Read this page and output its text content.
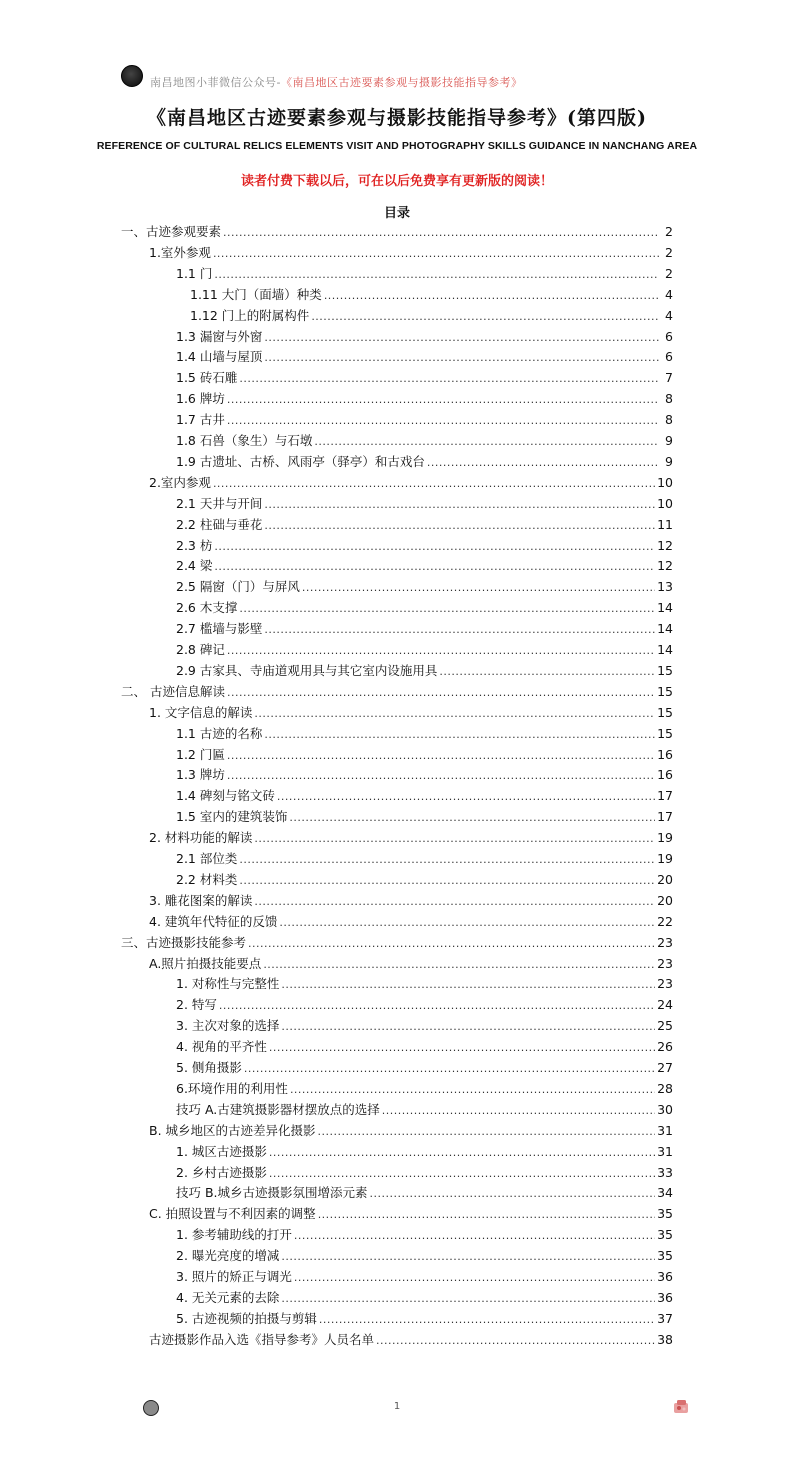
南昌地图小菲微信公众号-《南昌地区古迹要素参观与摄影技能指导参考》
《南昌地区古迹要素参观与摄影技能指导参考》(第四版)
REFERENCE OF CULTURAL RELICS ELEMENTS VISIT AND PHOTOGRAPHY SKILLS GUIDANCE IN NANCHANG AREA
读者付费下载以后，可在以后免费享有更新版的阅读！
目录
一、古迹参观要素 .....	2
1.室外参观 .....	2
1.1 门 .....	2
1.11 大门（面墙）种类 .....	4
1.12 门上的附属构件 .....	4
1.3 漏窗与外窗 .....	6
1.4 山墙与屋顶 .....	6
1.5 砖石雕 .....	7
1.6 牌坊 .....	8
1.7 古井 .....	8
1.8 石兽（象生）与石墩 .....	9
1.9 古遗址、古桥、风雨亭（驿亭）和古戏台 .....	9
2.室内参观 .....	10
2.1 天井与开间 .....	10
2.2 柱础与垂花 .....	11
2.3 枋 .....	12
2.4 梁 .....	12
2.5 隔窗（门）与屏风 .....	13
2.6 木支撑 .....	14
2.7 槛墙与影壁 .....	14
2.8 碑记 .....	14
2.9 古家具、寺庙道观用具与其它室内设施用具 .....	15
二、 古迹信息解读 .....	15
1. 文字信息的解读 .....	15
1.1 古迹的名称 .....	15
1.2 门匾 .....	16
1.3 牌坊 .....	16
1.4 碑刻与铭文砖 .....	17
1.5 室内的建筑装饰 .....	17
2. 材料功能的解读 .....	19
2.1 部位类 .....	19
2.2 材料类 .....	20
3. 雕花图案的解读 .....	20
4. 建筑年代特征的反馈 .....	22
三、古迹摄影技能参考 .....	23
A.照片拍摄技能要点 .....	23
1. 对称性与完整性 .....	23
2. 特写 .....	24
3. 主次对象的选择 .....	25
4. 视角的平齐性 .....	26
5. 侧角摄影 .....	27
6.环境作用的利用性 .....	28
技巧 A.古建筑摄影器材摆放点的选择 .....	30
B. 城乡地区的古迹差异化摄影 .....	31
1. 城区古迹摄影 .....	31
2. 乡村古迹摄影 .....	33
技巧 B.城乡古迹摄影氛围增添元素 .....	34
C. 拍照设置与不利因素的调整 .....	35
1. 参考辅助线的打开 .....	35
2. 曝光亮度的增减 .....	35
3. 照片的矫正与调光 .....	36
4. 无关元素的去除 .....	36
5. 古迹视频的拍摄与剪辑 .....	37
古迹摄影作品入选《指导参考》人员名单 .....	38
1
